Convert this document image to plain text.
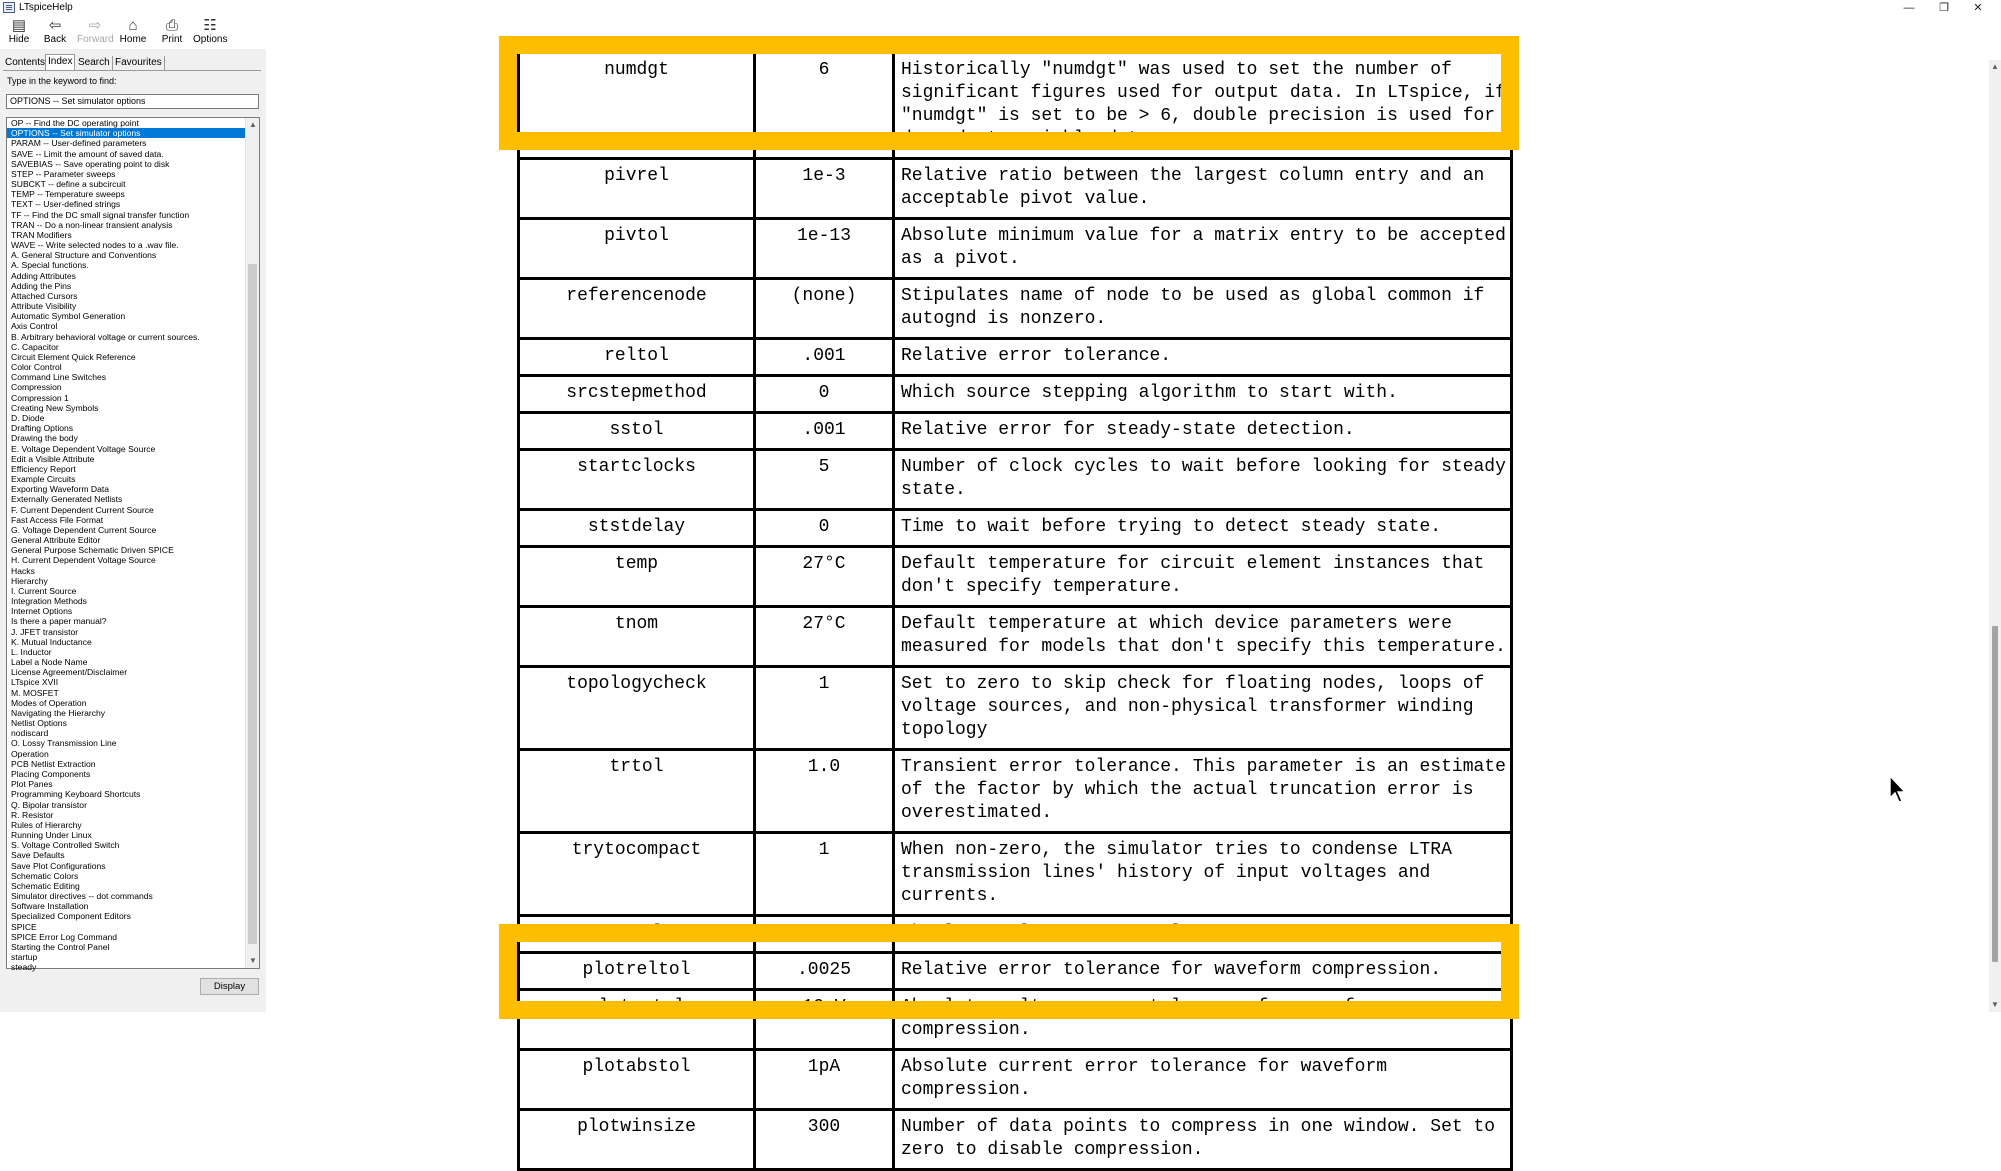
LTspiceHelp	—	❐	✕
▤
Hide
⇦
Back
⇨
Forward
⌂
Home
⎙
Print
☷
Options
Contents Index Search Favourites
Type in the keyword to find:
OPTIONS -- Set simulator options
OP -- Find the DC operating point
OPTIONS -- Set simulator options
PARAM -- User-defined parameters
SAVE -- Limit the amount of saved data.
SAVEBIAS -- Save operating point to disk
STEP -- Parameter sweeps
SUBCKT -- define a subcircuit
TEMP -- Temperature sweeps
TEXT -- User-defined strings
TF -- Find the DC small signal transfer function
TRAN -- Do a non-linear transient analysis
TRAN Modifiers
WAVE -- Write selected nodes to a .wav file.
A. General Structure and Conventions
A. Special functions.
Adding Attributes
Adding the Pins
Attached Cursors
Attribute Visibility
Automatic Symbol Generation
Axis Control
B. Arbitrary behavioral voltage or current sources.
C. Capacitor
Circuit Element Quick Reference
Color Control
Command Line Switches
Compression
Compression 1
Creating New Symbols
D. Diode
Drafting Options
Drawing the body
E. Voltage Dependent Voltage Source
Edit a Visible Attribute
Efficiency Report
Example Circuits
Exporting Waveform Data
Externally Generated Netlists
F. Current Dependent Current Source
Fast Access File Format
G. Voltage Dependent Current Source
General Attribute Editor
General Purpose Schematic Driven SPICE
H. Current Dependent Voltage Source
Hacks
Hierarchy
I. Current Source
Integration Methods
Internet Options
Is there a paper manual?
J. JFET transistor
K. Mutual Inductance
L. Inductor
Label a Node Name
License Agreement/Disclaimer
LTspice XVII
M. MOSFET
Modes of Operation
Navigating the Hierarchy
Netlist Options
nodiscard
O. Lossy Transmission Line
Operation
PCB Netlist Extraction
Placing Components
Plot Panes
Programming Keyboard Shortcuts
Q. Bipolar transistor
R. Resistor
Rules of Hierarchy
Running Under Linux
S. Voltage Controlled Switch
Save Defaults
Save Plot Configurations
Schematic Colors
Schematic Editing
Simulator directives -- dot commands
Software Installation
Specialized Component Editors
SPICE
SPICE Error Log Command
Starting the Control Panel
startup
steady
▲
▼
Display
numdgt	6	Historically "numdgt" was used to set the number of significant figures used for output data. In LTspice, if "numdgt" is set to be > 6, double precision is used for dependent variable data.
pivrel	1e-3	Relative ratio between the largest column entry and an acceptable pivot value.
pivtol	1e-13	Absolute minimum value for a matrix entry to be accepted as a pivot.
referencenode	(none)	Stipulates name of node to be used as global common if autognd is nonzero.
reltol	.001	Relative error tolerance.
srcstepmethod	0	Which source stepping algorithm to start with.
sstol	.001	Relative error for steady-state detection.
startclocks	5	Number of clock cycles to wait before looking for steady state.
ststdelay	0	Time to wait before trying to detect steady state.
temp	27°C	Default temperature for circuit element instances that don't specify temperature.
tnom	27°C	Default temperature at which device parameters were measured for models that don't specify this temperature.
topologycheck	1	Set to zero to skip check for floating nodes, loops of voltage sources, and non-physical transformer winding topology
trtol	1.0	Transient error tolerance. This parameter is an estimate of the factor by which the actual truncation error is overestimated.
trytocompact	1	When non-zero, the simulator tries to condense LTRA transmission lines' history of input voltages and currents.
vntol	1µV	Absolute voltage error tolerance.
plotreltol	.0025	Relative error tolerance for waveform compression.
plotvntol	10µV	Absolute voltage error tolerance for waveform compression.
plotabstol	1pA	Absolute current error tolerance for waveform compression.
plotwinsize	300	Number of data points to compress in one window. Set to zero to disable compression.
▲
▼
